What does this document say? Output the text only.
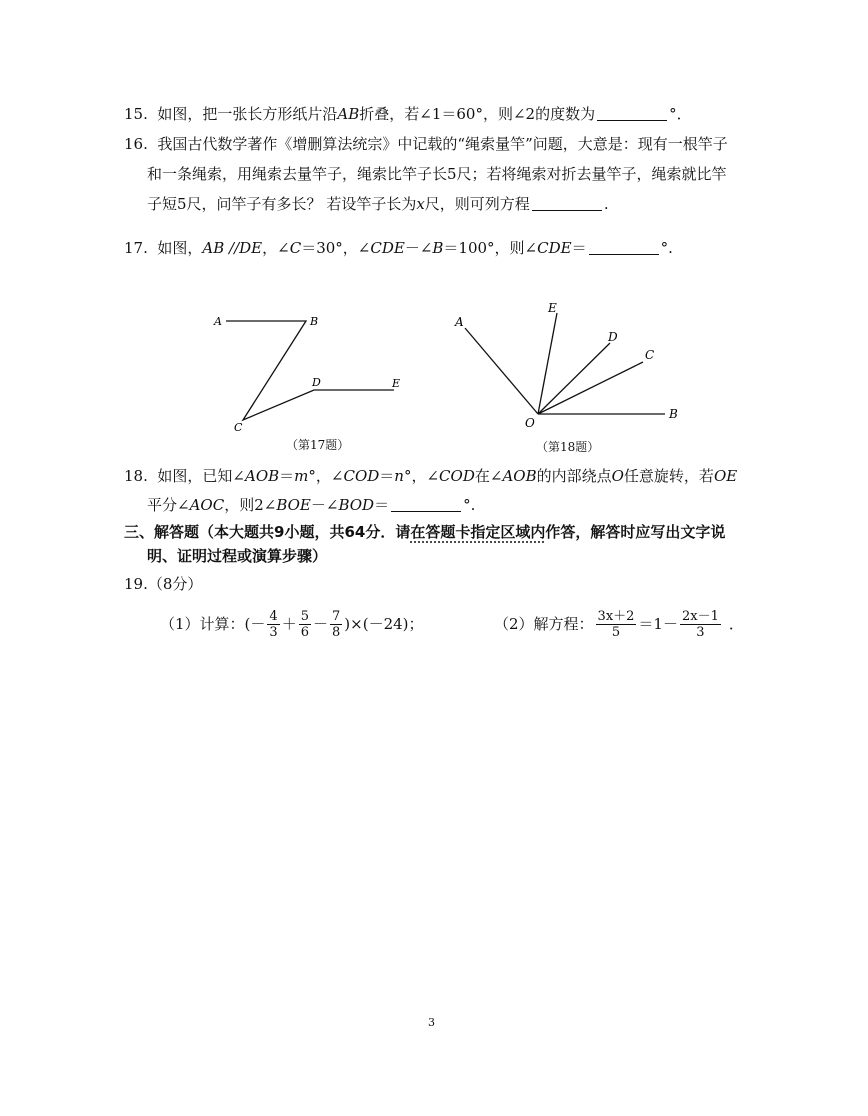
15. 如图，把一张长方形纸片沿AB折叠，若∠1＝60°，则∠2的度数为	°．
16. 我国古代数学著作《增删算法统宗》中记载的“绳索量竿”问题，大意是：现有一根竿子
和一条绳索，用绳索去量竿子，绳索比竿子长5尺；若将绳索对折去量竿子，绳索就比竿
子短5尺，问竿子有多长？ 若设竿子长为x尺，则可列方程	.
17. 如图，AB //DE，∠C＝30°，∠CDE－∠B＝100°，则∠CDE＝	°.
A	B
C
D	E
（第17题）
A
E
D
C
B
O
（第18题）
18. 如图，已知∠AOB＝m°，∠COD＝n°，∠COD在∠AOB的内部绕点O任意旋转，若OE
平分∠AOC，则2∠BOE－∠BOD＝	°.
三、解答题（本大题共9小题，共64分．请在答题卡指定区域内作答，解答时应写出文字说
明、证明过程或演算步骤）
19.（8分）
（1）计算：( － $\frac{4}{3} + \frac{5}{6} - \frac{7}{8} )\times(-24)$；	（2）解方程： $\frac{3x+2}{5} =1- \frac{2x-1}{3}$ ．
3
